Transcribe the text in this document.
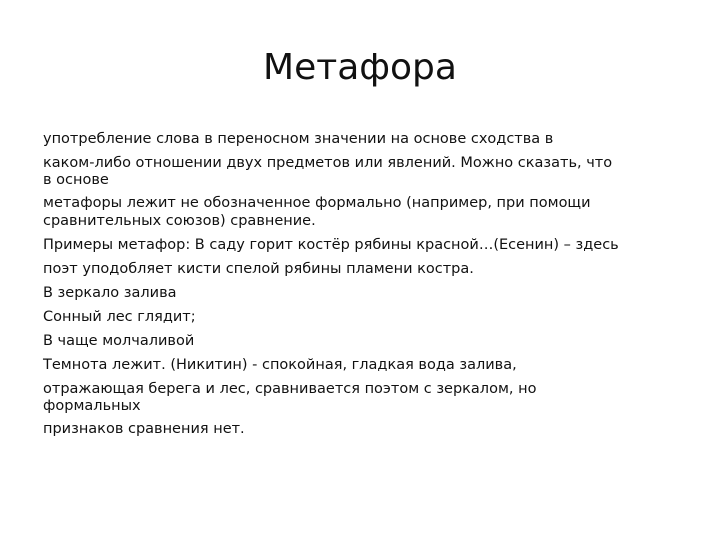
Метафора
употребление слова в переносном значении на основе сходства в
каком-либо отношении двух предметов или явлений. Можно сказать, что
в основе
метафоры лежит не обозначенное формально (например, при помощи
сравнительных союзов) сравнение.
Примеры метафор: В саду горит костёр рябины красной…(Есенин) – здесь
поэт уподобляет кисти спелой рябины пламени костра.
В зеркало залива
Сонный лес глядит;
В чаще молчаливой
Темнота лежит. (Никитин) - спокойная, гладкая вода залива,
отражающая берега и лес, сравнивается поэтом с зеркалом, но
формальных
признаков сравнения нет.
